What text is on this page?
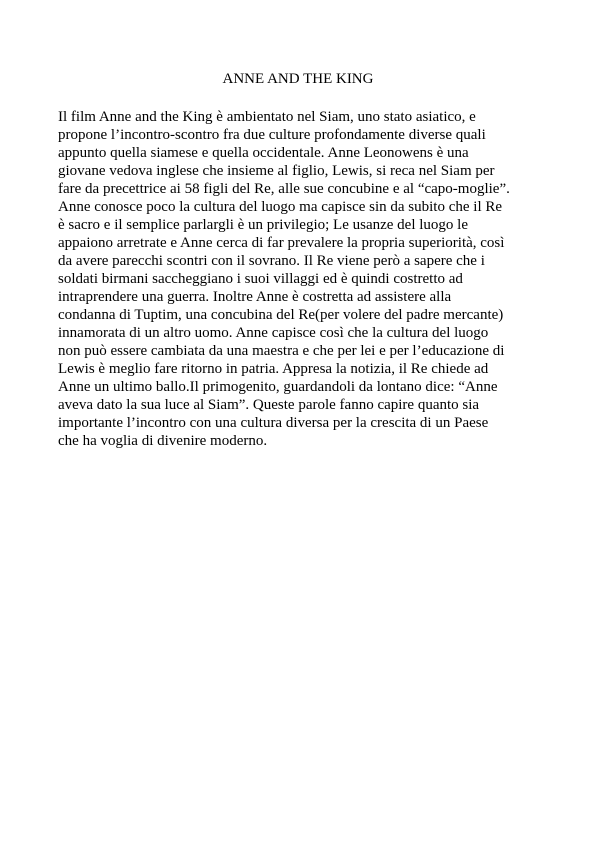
ANNE AND THE KING
Il film Anne and the King è ambientato nel Siam, uno stato asiatico, e
propone l’incontro-scontro fra due culture profondamente diverse quali
appunto quella siamese e quella occidentale. Anne Leonowens è una
giovane vedova inglese che insieme al figlio, Lewis, si reca nel Siam per
fare da precettrice ai 58 figli del Re, alle sue concubine e al “capo-moglie”.
Anne conosce poco la cultura del luogo ma capisce sin da subito che il Re
è sacro e il semplice parlargli è un privilegio; Le usanze del luogo le
appaiono arretrate e Anne cerca di far prevalere la propria superiorità, così
da avere parecchi scontri con il sovrano. Il Re viene però a sapere che i
soldati birmani saccheggiano i suoi villaggi ed è quindi costretto ad
intraprendere una guerra. Inoltre Anne è costretta ad assistere alla
condanna di Tuptim, una concubina del Re(per volere del padre mercante)
innamorata di un altro uomo. Anne capisce così che la cultura del luogo
non può essere cambiata da una maestra e che per lei e per l’educazione di
Lewis è meglio fare ritorno in patria. Appresa la notizia, il Re chiede ad
Anne un ultimo ballo.Il primogenito, guardandoli da lontano dice: “Anne
aveva dato la sua luce al Siam”. Queste parole fanno capire quanto sia
importante l’incontro con una cultura diversa per la crescita di un Paese
che ha voglia di divenire moderno.
